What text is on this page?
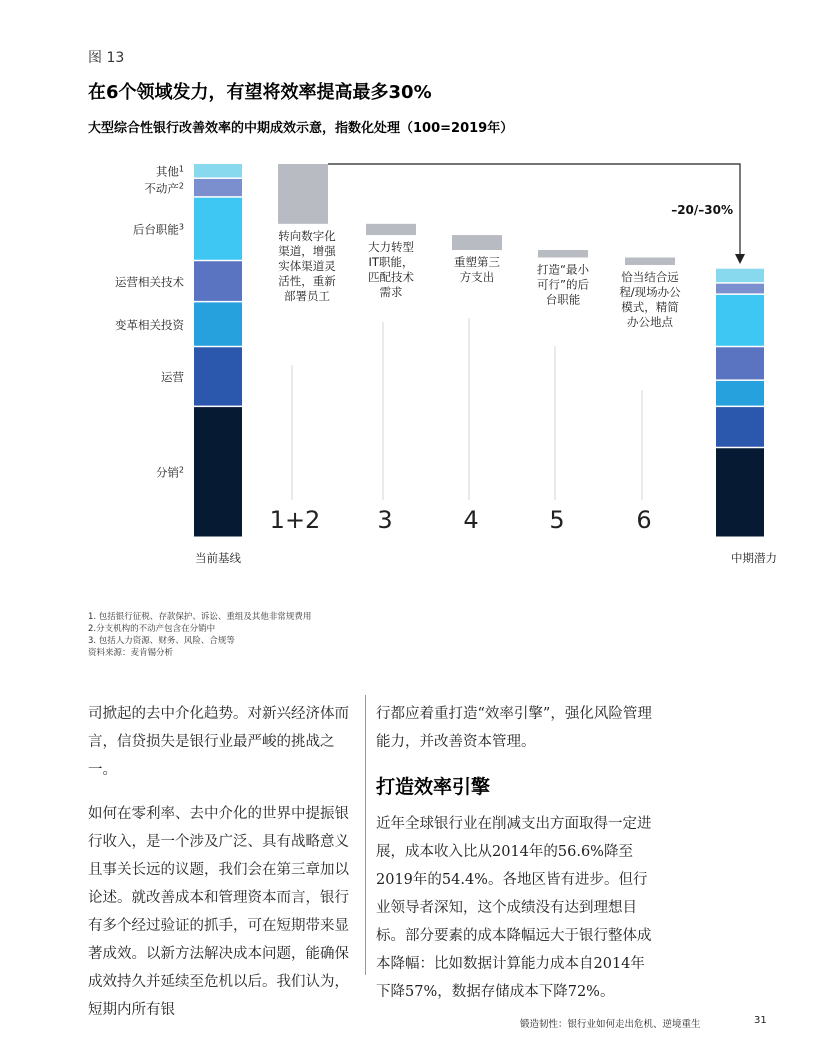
图 13
在6个领域发力，有望将效率提高最多30%
大型综合性银行改善效率的中期成效示意，指数化处理（100=2019年）
分销$^2$
运营
变革相关投资
运营相关技术
后台职能$^3$
不动产$^2$
其他$^1$
当前基线
转向数字化
渠道，增强
实体渠道灵
活性，重新
部署员工
1+2
大力转型
IT职能，
匹配技术
需求
3
重塑第三
方支出
4
打造“最小
可行”的后
台职能
5
恰当结合远
程/现场办公
模式，精简
办公地点
6
中期潜力
–20/–30%
1. 包括银行征税、存款保护、诉讼、重组及其他非常规费用
2.分支机构的不动产包含在分销中
3. 包括人力资源、财务、风险、合规等
资料来源：麦肯锡分析

司掀起的去中介化趋势。对新兴经济体而言，信贷损失是银行业最严峻的挑战之一。

如何在零利率、去中介化的世界中提振银行收入，是一个涉及广泛、具有战略意义且事关长远的议题，我们会在第三章加以论述。就改善成本和管理资本而言，银行有多个经过验证的抓手，可在短期带来显著成效。以新方法解决成本问题，能确保成效持久并延续至危机以后。我们认为，短期内所有银

行都应着重打造“效率引擎”，强化风险管理能力，并改善资本管理。

打造效率引擎

近年全球银行业在削减支出方面取得一定进展，成本收入比从2014年的56.6%降至2019年的54.4%。各地区皆有进步。但行业领导者深知，这个成绩没有达到理想目标。部分要素的成本降幅远大于银行整体成本降幅：比如数据计算能力成本自2014年下降57%，数据存储成本下降72%。

锻造韧性：银行业如何走出危机、逆境重生	31
